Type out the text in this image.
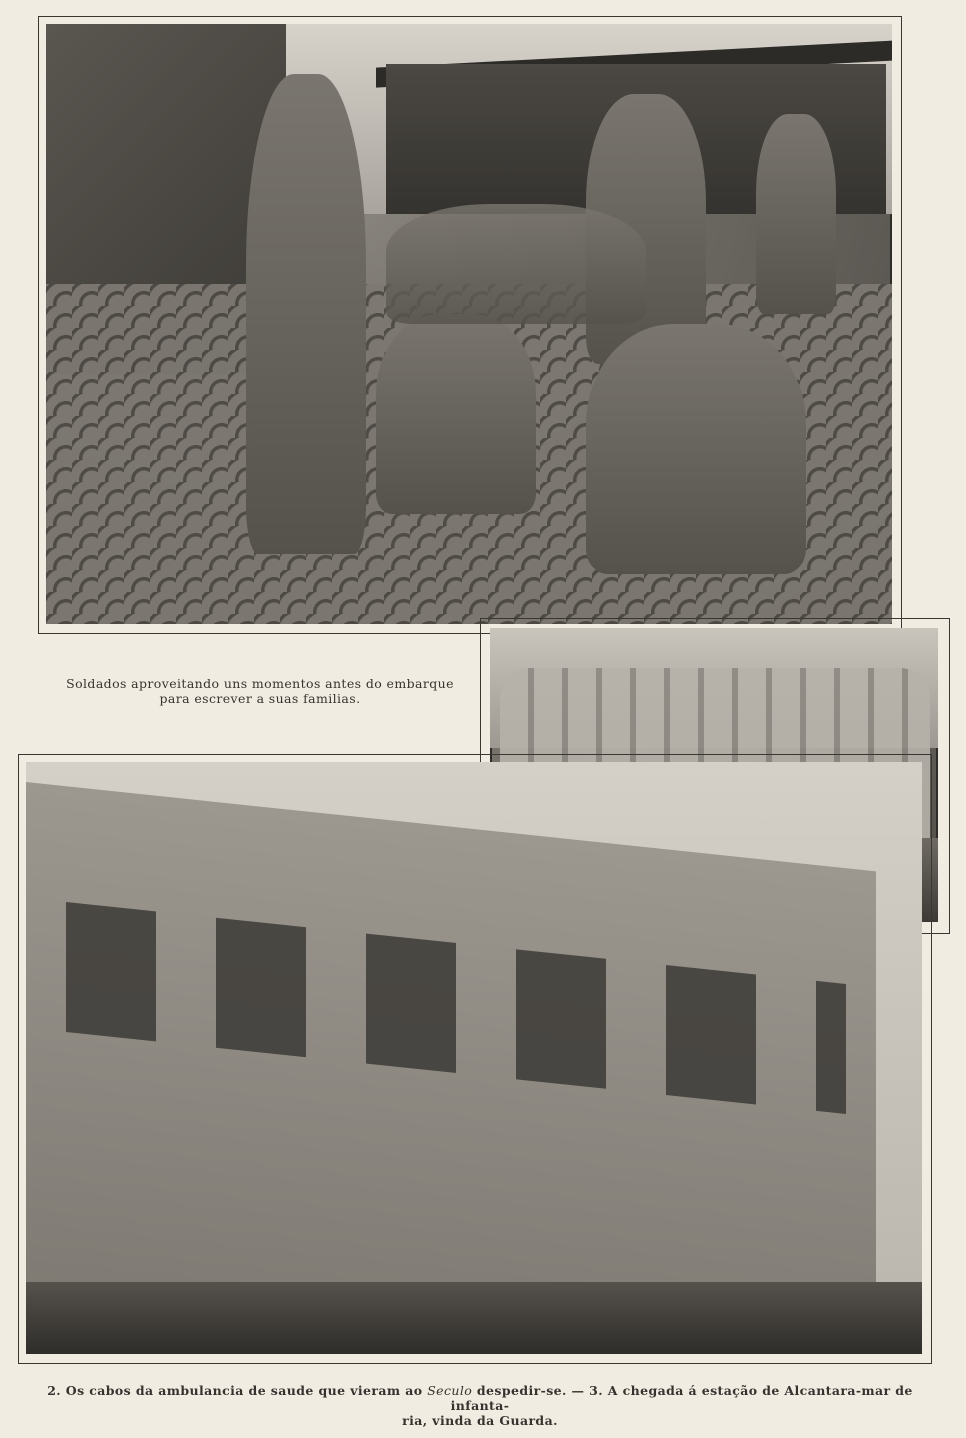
Soldados aproveitando uns momentos antes do embarque
para escrever a suas familias.
2. Os cabos da ambulancia de saude que vieram ao Seculo despedir-se. — 3. A chegada á estação de Alcantara-mar de infanta-
ria, vinda da Guarda.
